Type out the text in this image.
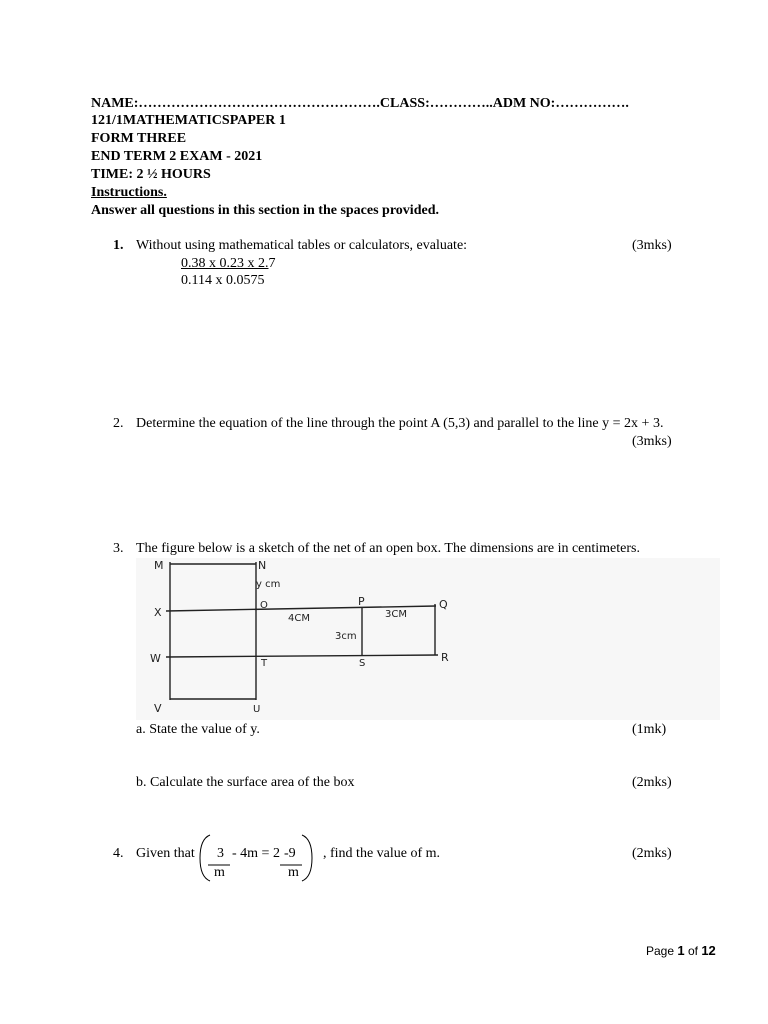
NAME:…………………………………………….CLASS:…………..ADM NO:…………….
121/1MATHEMATICSPAPER 1
FORM THREE
END TERM 2 EXAM - 2021
TIME: 2 ½ HOURS
Instructions.
Answer all questions in this section in the spaces provided.
1. Without using mathematical tables or calculators, evaluate:	(3mks)
0.38 x 0.23 x 2.7
0.114 x 0.0575
2. Determine the equation of the line through the point A (5,3) and parallel to the line y = 2x + 3.
(3mks)
3. The figure below is a sketch of the net of an open box. The dimensions are in centimeters.
M	N
y cm
X
O	P	Q
4CM	3CM
3cm
W	T	S	R
V	U
a. State the value of y.	(1mk)
b. Calculate the surface area of the box	(2mks)
4. Given that 3 - 4m = 2 -9
m	m
, find the value of m.	(2mks)
Page 1 of 12
